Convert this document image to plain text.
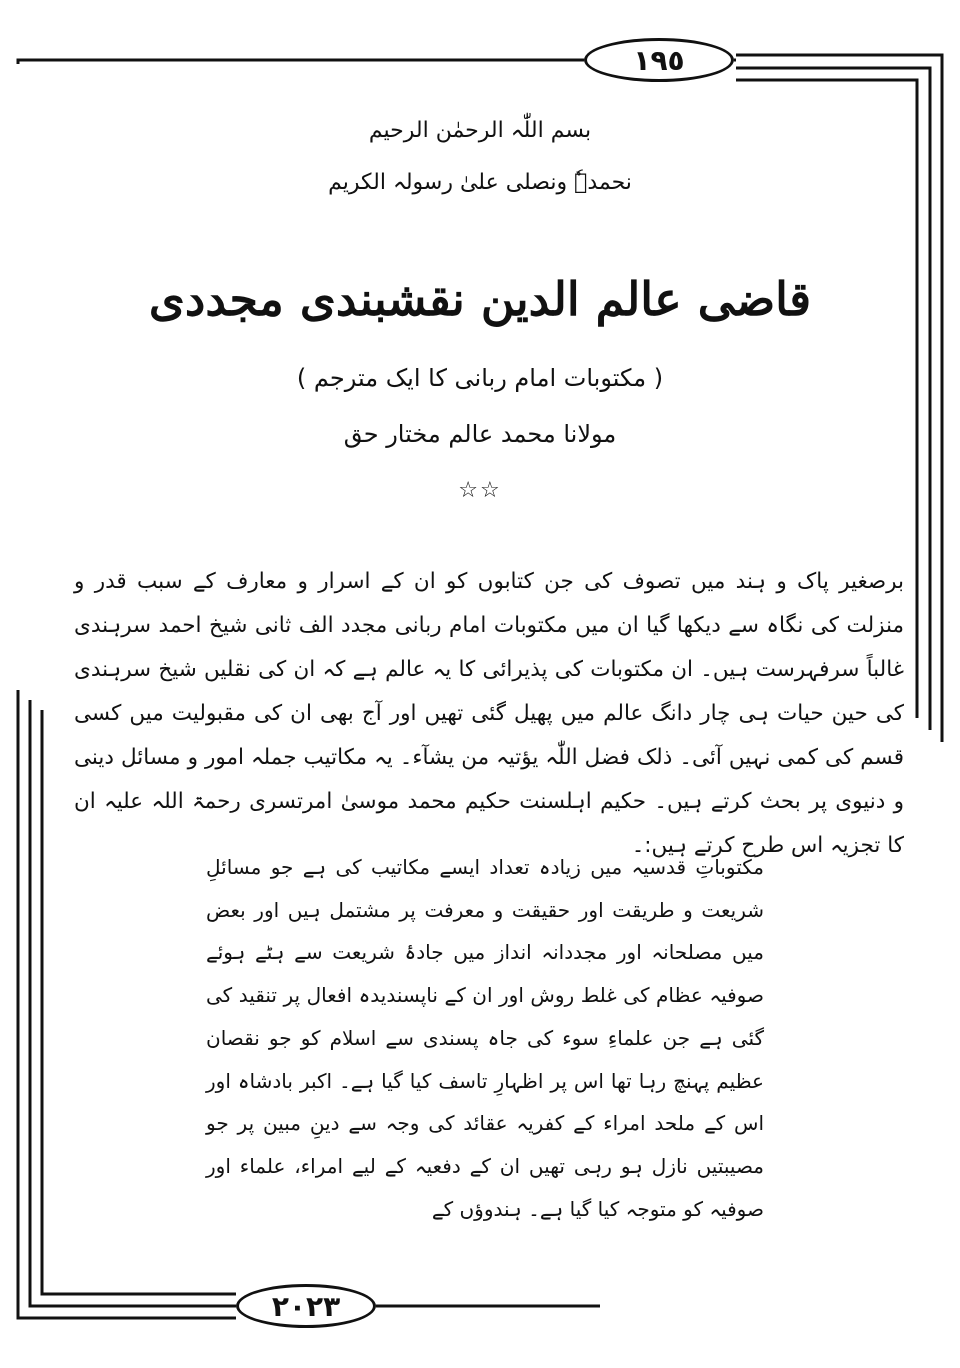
١٩٥
٢٠٢٣
بسم اللّٰہ الرحمٰن الرحیم
نحمدہٗ ونصلی علیٰ رسولہ الکریم
قاضی عالم الدین نقشبندی مجددی
( مکتوبات امام ربانی کا ایک مترجم )
مولانا محمد عالم مختار حق
☆☆

برصغیر پاک و ہند میں تصوف کی جن کتابوں کو ان کے اسرار و معارف کے سبب قدر و منزلت کی نگاہ سے دیکھا گیا ان میں مکتوبات امام ربانی مجدد الف ثانی شیخ احمد سرہندی غالباً سرفہرست ہیں۔ ان مکتوبات کی پذیرائی کا یہ عالم ہے کہ ان کی نقلیں شیخ سرہندی کی حین حیات ہی چار دانگ عالم میں پھیل گئی تھیں اور آج بھی ان کی مقبولیت میں کسی قسم کی کمی نہیں آئی۔ ذلک فضل اللّٰہ یؤتیہ من یشآء۔ یہ مکاتیب جملہ امور و مسائل دینی و دنیوی پر بحث کرتے ہیں۔ حکیم اہلسنت حکیم محمد موسیٰ امرتسری رحمۃ اللہ علیہ ان کا تجزیہ اس طرح کرتے ہیں:۔

مکتوباتِ قدسیہ میں زیادہ تعداد ایسے مکاتیب کی ہے جو مسائلِ شریعت و طریقت اور حقیقت و معرفت پر مشتمل ہیں اور بعض میں مصلحانہ اور مجددانہ انداز میں جادۂ شریعت سے ہٹے ہوئے صوفیہ عظام کی غلط روش اور ان کے ناپسندیدہ افعال پر تنقید کی گئی ہے جن علماءِ سوء کی جاہ پسندی سے اسلام کو جو نقصان عظیم پہنچ رہا تھا اس پر اظہارِ تاسف کیا گیا ہے۔ اکبر بادشاہ اور اس کے ملحد امراء کے کفریہ عقائد کی وجہ سے دینِ مبین پر جو مصیبتیں نازل ہو رہی تھیں ان کے دفعیہ کے لیے امراء، علماء اور صوفیہ کو متوجہ کیا گیا ہے۔ ہندوؤں کے
